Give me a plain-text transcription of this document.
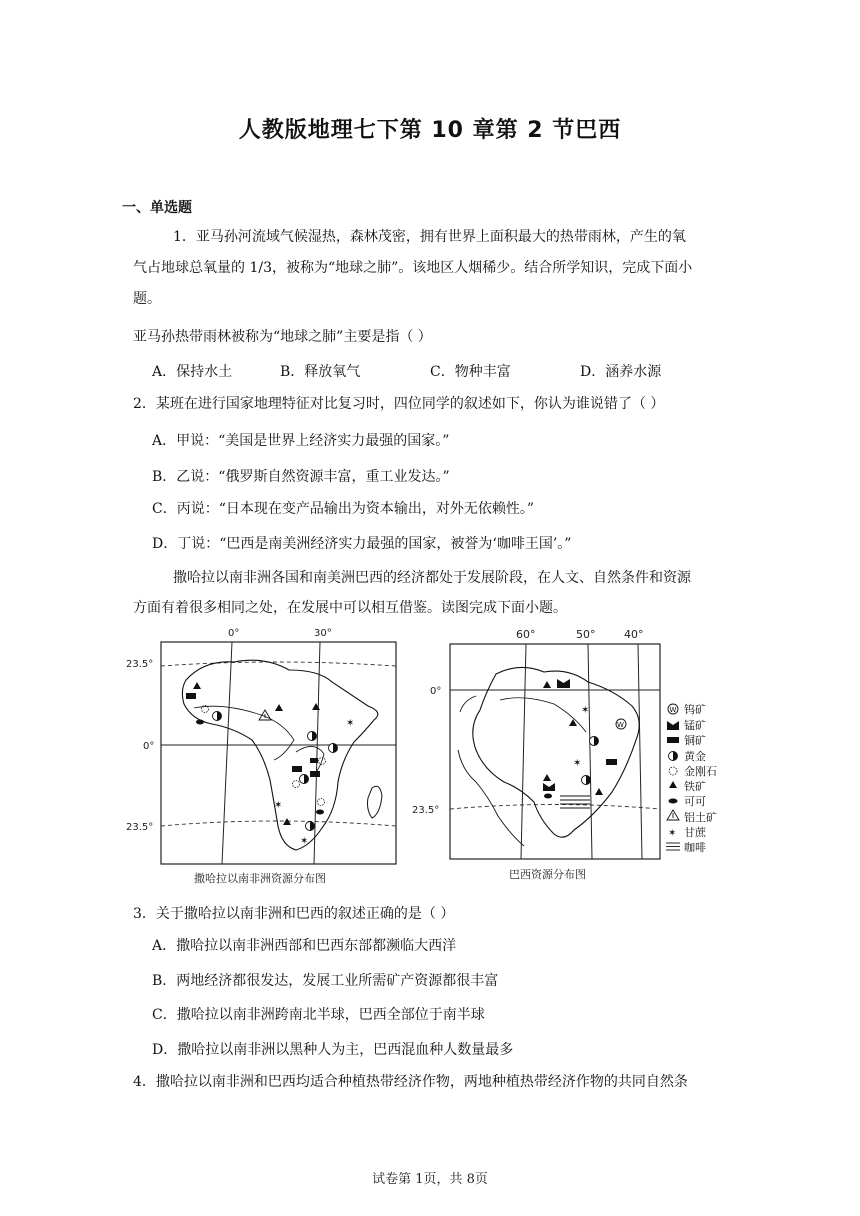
人教版地理七下第 10 章第 2 节巴西
一、单选题
1．亚马孙河流域气候湿热，森林茂密，拥有世界上面积最大的热带雨林，产生的氧
气占地球总氧量的 1/3，被称为“地球之肺”。该地区人烟稀少。结合所学知识，完成下面小
题。
亚马孙热带雨林被称为“地球之肺”主要是指（ ）
A．保持水土	B．释放氧气	C．物种丰富	D．涵养水源
2．某班在进行国家地理特征对比复习时，四位同学的叙述如下，你认为谁说错了（ ）
A．甲说：“美国是世界上经济实力最强的国家。”
B．乙说：“俄罗斯自然资源丰富，重工业发达。”
C．丙说：“日本现在变产品输出为资本输出，对外无依赖性。”
D．丁说：“巴西是南美洲经济实力最强的国家，被誉为‘咖啡王国’。”
撒哈拉以南非洲各国和南美洲巴西的经济都处于发展阶段，在人文、自然条件和资源
方面有着很多相同之处，在发展中可以相互借鉴。读图完成下面小题。
✶
✶
✶
0°	30°
23.5°
0°
23.5°
撒哈拉以南非洲资源分布图
✶
W
✶
60°	50°	40°
0°
23.5°
巴西资源分布图
W
✶
钨矿
锰矿
铜矿
黄金
金刚石
铁矿
可可
铝土矿
甘蔗
咖啡
3．关于撒哈拉以南非洲和巴西的叙述正确的是（ ）
A．撒哈拉以南非洲西部和巴西东部都濒临大西洋
B．两地经济都很发达，发展工业所需矿产资源都很丰富
C．撒哈拉以南非洲跨南北半球，巴西全部位于南半球
D．撒哈拉以南非洲以黑种人为主，巴西混血种人数量最多
4．撒哈拉以南非洲和巴西均适合种植热带经济作物，两地种植热带经济作物的共同自然条
试卷第 1页，共 8页
